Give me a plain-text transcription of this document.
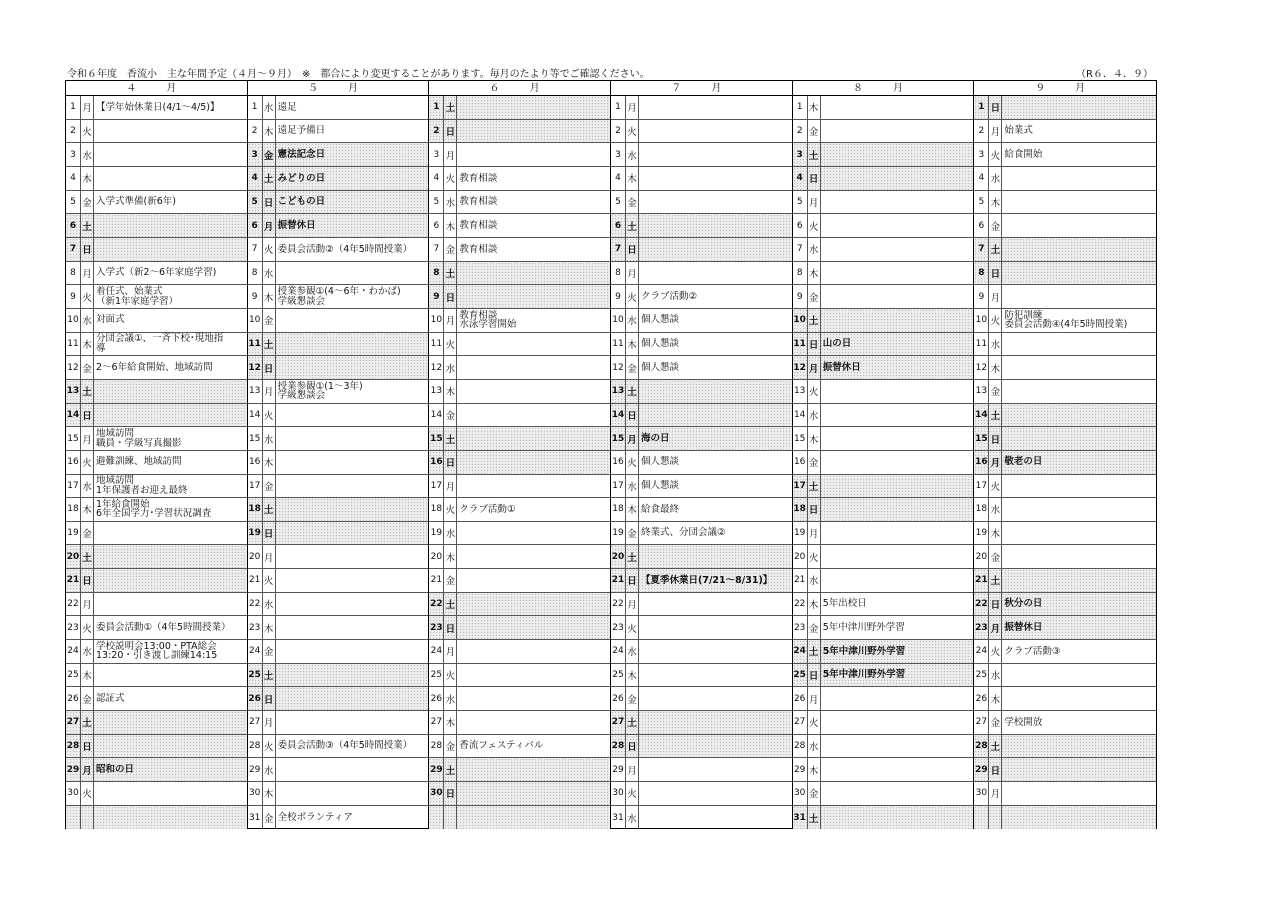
令和６年度　香流小　主な年間予定（４月～９月）　※　都合により変更することがあります。毎月のたより等でご確認ください。	（R６．４．９）
４　月
1 月 【学年始休業日(4/1～4/5)】
2 火
3 水
4 木
5 金 入学式準備(新6年)
6 土
7 日
8 月 入学式（新2～6年家庭学習)
9 火
着任式、始業式
（新1年家庭学習）
10 水 対面式
11 木
分団会議①、一斉下校･現地指
導
12 金 2～6年給食開始、地域訪問
13 土
14 日
15 月
地域訪問
職員・学級写真撮影
16 火 避難訓練、地域訪問
17 水
地域訪問
1年保護者お迎え最終
18 木
1年給食開始
6年全国学力･学習状況調査
19 金
20 土
21 日
22 月
23 火 委員会活動①（4年5時間授業）
24 水
学校説明会13:00・PTA総会
13:20・引き渡し訓練14:15
25 木
26 金 認証式
27 土
28 日
29 月 昭和の日
30 火
５　月
1 水 遠足
2 木 遠足予備日
3 金 憲法記念日
4 土 みどりの日
5 日 こどもの日
6 月 振替休日
7 火 委員会活動②（4年5時間授業）
8 水
9 木
授業参観①(4～6年・わかば)
学級懇談会
10 金
11 土
12 日
13 月
授業参観①(1～3年)
学級懇談会
14 火
15 水
16 木
17 金
18 土
19 日
20 月
21 火
22 水
23 木
24 金
25 土
26 日
27 月
28 火 委員会活動③（4年5時間授業）
29 水
30 木
31 金 全校ボランティア
６　月
1 土
2 日
3 月
4 火 教育相談
5 水 教育相談
6 木 教育相談
7 金 教育相談
8 土
9 日
10 月
教育相談
水泳学習開始
11 火
12 水
13 木
14 金
15 土
16 日
17 月
18 火 クラブ活動①
19 水
20 木
21 金
22 土
23 日
24 月
25 火
26 水
27 木
28 金 香流フェスティバル
29 土
30 日
７　月
1 月
2 火
3 水
4 木
5 金
6 土
7 日
8 月
9 火 クラブ活動②
10 水 個人懇談
11 木 個人懇談
12 金 個人懇談
13 土
14 日
15 月 海の日
16 火 個人懇談
17 水 個人懇談
18 木 給食最終
19 金 終業式、分団会議②
20 土
21 日 【夏季休業日(7/21～8/31)】
22 月
23 火
24 水
25 木
26 金
27 土
28 日
29 月
30 火
31 水
８　月
1 木
2 金
3 土
4 日
5 月
6 火
7 水
8 木
9 金
10 土
11 日 山の日
12 月 振替休日
13 火
14 水
15 木
16 金
17 土
18 日
19 月
20 火
21 水
22 木 5年出校日
23 金 5年中津川野外学習
24 土 5年中津川野外学習
25 日 5年中津川野外学習
26 月
27 火
28 水
29 木
30 金
31 土
９　月
1 日
2 月 始業式
3 火 給食開始
4 水
5 木
6 金
7 土
8 日
9 月
10 火
防犯訓練
委員会活動④(4年5時間授業)
11 水
12 木
13 金
14 土
15 日
16 月 敬老の日
17 火
18 水
19 木
20 金
21 土
22 日 秋分の日
23 月 振替休日
24 火 クラブ活動③
25 水
26 木
27 金 学校開放
28 土
29 日
30 月
